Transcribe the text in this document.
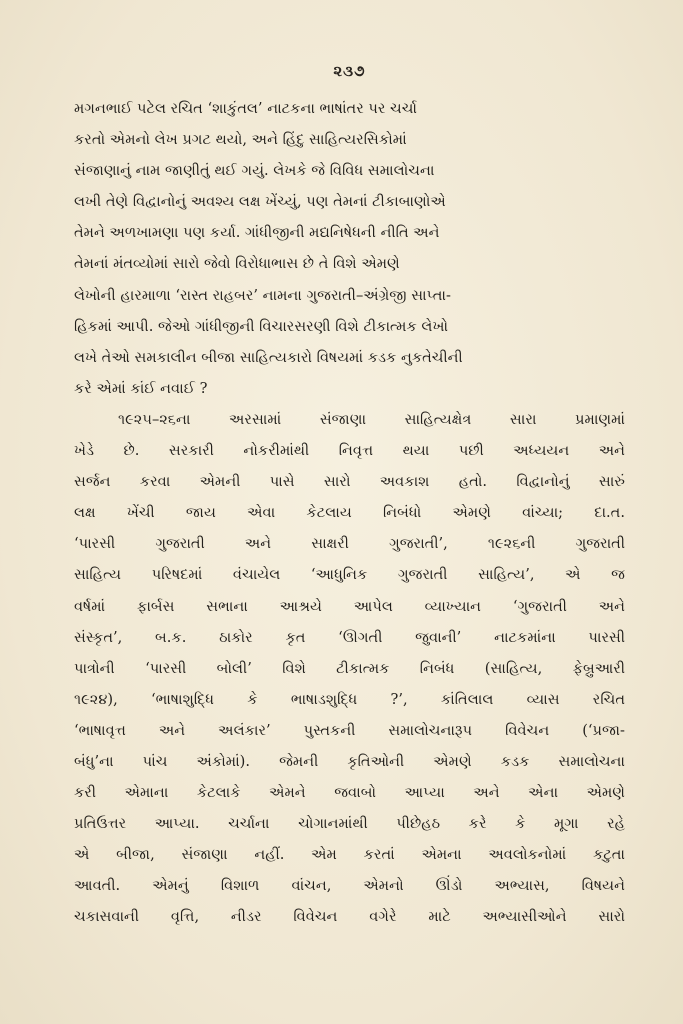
૨૩૭

મગનભાઈ પટેલ રચિત ‘શાકુંતલ’ નાટકના ભાષાંતર પર ચર્ચા
કરતો એમનો લેખ પ્રગટ થયો, અને હિંદુ સાહિત્યરસિકોમાં
સંજાણાનું નામ જાણીતું થઈ ગયું. લેખકે જે વિવિધ સમાલોચના
લખી તેણે વિદ્વાનોનું અવશ્ય લક્ષ ખેંચ્યું, પણ તેમનાં ટીકાબાણોએ
તેમને અળખામણા પણ કર્યા. ગાંધીજીની મદ્યનિષેધની નીતિ અને
તેમનાં મંતવ્યોમાં સારો જેવો વિરોધાભાસ છે તે વિશે એમણે
લેખોની હારમાળા ‘રાસ્ત રાહબર’ નામના ગુજરાતી–અંગ્રેજી સાપ્તા-
હિકમાં આપી. જેઓ ગાંધીજીની વિચારસરણી વિશે ટીકાત્મક લેખો
લખે તેઓ સમકાલીન બીજા સાહિત્યકારો વિષયમાં કડક નુકતેચીની
કરે એમાં કાંઈ નવાઈ ?

૧૯૨૫–૨૬ના અરસામાં સંજાણા સાહિત્યક્ષેત્ર સારા પ્રમાણમાં
ખેડે છે. સરકારી નોકરીમાંથી નિવૃત્ત થયા પછી અધ્યયન અને
સર્જન કરવા એમની પાસે સારો અવકાશ હતો. વિદ્વાનોનું સારું
લક્ષ ખેંચી જાય એવા કેટલાય નિબંધો એમણે વાંચ્યા; દા.ત.
‘પારસી ગુજરાતી અને સાક્ષરી ગુજરાતી’, ૧૯૨૬ની ગુજરાતી
સાહિત્ય પરિષદમાં વંચાયેલ ‘આધુનિક ગુજરાતી સાહિત્ય’, એ જ
વર્ષમાં ફાર્બસ સભાના આશ્રયે આપેલ વ્યાખ્યાન ‘ગુજરાતી અને
સંસ્કૃત’, બ.ક. ઠાકોર કૃત ‘ઊગતી જુવાની’ નાટકમાંના પારસી
પાત્રોની ‘પારસી બોલી’ વિશે ટીકાત્મક નિબંધ (સાહિત્ય, ફેબ્રુઆરી
૧૯૨૪), ‘ભાષાશુદ્ધિ કે ભાષાડશુદ્ધિ ?’, કાંતિલાલ વ્યાસ રચિત
‘ભાષાવૃત્ત અને અલંકાર’ પુસ્તકની સમાલોચનારૂપ વિવેચન (‘પ્રજા-
બંધુ’ના પાંચ અંકોમાં). જેમની કૃતિઓની એમણે કડક સમાલોચના
કરી એમાના કેટલાકે એમને જવાબો આપ્યા અને એના એમણે
પ્રતિઉત્તર આપ્યા. ચર્ચાના ચોગાનમાંથી પીછેહઠ કરે કે મૂગા રહે
એ બીજા, સંજાણા નહીં. એમ કરતાં એમના અવલોકનોમાં કટુતા
આવતી. એમનું વિશાળ વાંચન, એમનો ઊંડો અભ્યાસ, વિષયને
ચકાસવાની વૃત્તિ, નીડર વિવેચન વગેરે માટે અભ્યાસીઓને સારો
